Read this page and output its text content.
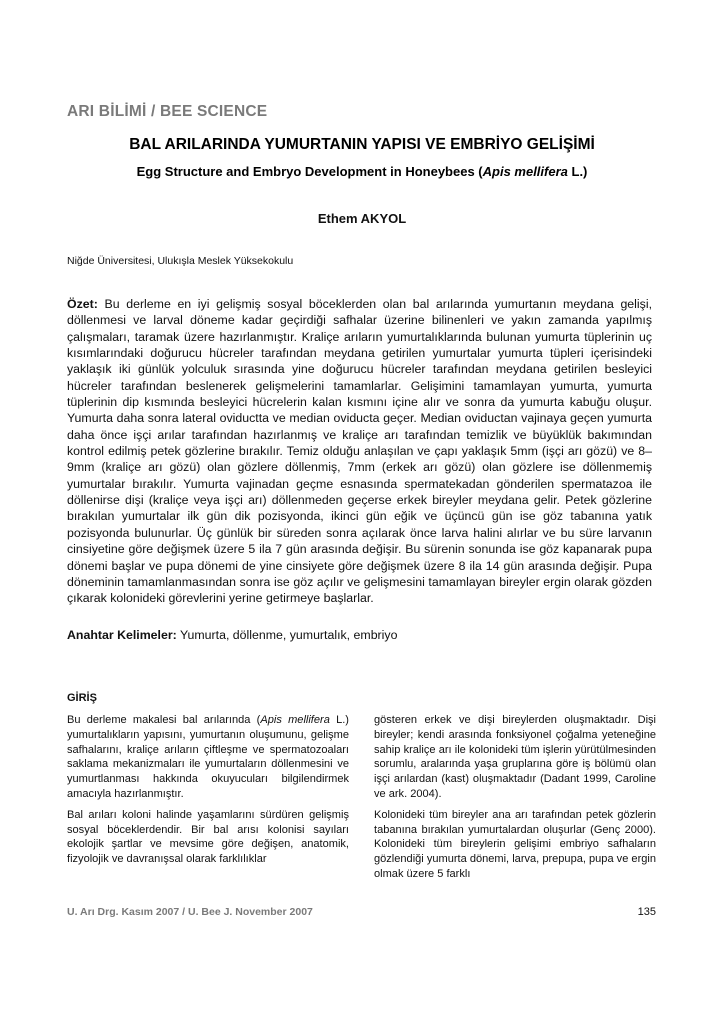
ARI BİLİMİ / BEE SCIENCE
BAL ARILARINDA YUMURTANIN YAPISI VE EMBRİYO GELİŞİMİ
Egg Structure and Embryo Development in Honeybees (Apis mellifera L.)
Ethem AKYOL
Niğde Üniversitesi, Ulukışla Meslek Yüksekokulu

Özet: Bu derleme en iyi gelişmiş sosyal böceklerden olan bal arılarında yumurtanın meydana gelişi, döllenmesi ve larval döneme kadar geçirdiği safhalar üzerine bilinenleri ve yakın zamanda yapılmış çalışmaları, taramak üzere hazırlanmıştır. Kraliçe arıların yumurtalıklarında bulunan yumurta tüplerinin uç kısımlarındaki doğurucu hücreler tarafından meydana getirilen yumurtalar yumurta tüpleri içerisindeki yaklaşık iki günlük yolculuk sırasında yine doğurucu hücreler tarafından meydana getirilen besleyici hücreler tarafından beslenerek gelişmelerini tamamlarlar. Gelişimini tamamlayan yumurta, yumurta tüplerinin dip kısmında besleyici hücrelerin kalan kısmını içine alır ve sonra da yumurta kabuğu oluşur. Yumurta daha sonra lateral oviductta ve median oviducta geçer. Median oviductan vajinaya geçen yumurta daha önce işçi arılar tarafından hazırlanmış ve kraliçe arı tarafından temizlik ve büyüklük bakımından kontrol edilmiş petek gözlerine bırakılır. Temiz olduğu anlaşılan ve çapı yaklaşık 5mm (işçi arı gözü) ve 8–9mm (kraliçe arı gözü) olan gözlere döllenmiş, 7mm (erkek arı gözü) olan gözlere ise döllenmemiş yumurtalar bırakılır. Yumurta vajinadan geçme esnasında spermatekadan gönderilen spermatazoa ile döllenirse dişi (kraliçe veya işçi arı) döllenmeden geçerse erkek bireyler meydana gelir. Petek gözlerine bırakılan yumurtalar ilk gün dik pozisyonda, ikinci gün eğik ve üçüncü gün ise göz tabanına yatık pozisyonda bulunurlar. Üç günlük bir süreden sonra açılarak önce larva halini alırlar ve bu süre larvanın cinsiyetine göre değişmek üzere 5 ila 7 gün arasında değişir. Bu sürenin sonunda ise göz kapanarak pupa dönemi başlar ve pupa dönemi de yine cinsiyete göre değişmek üzere 8 ila 14 gün arasında değişir. Pupa döneminin tamamlanmasından sonra ise göz açılır ve gelişmesini tamamlayan bireyler ergin olarak gözden çıkarak kolonideki görevlerini yerine getirmeye başlarlar.

Anahtar Kelimeler: Yumurta, döllenme, yumurtalık, embriyo

GİRİŞ

Bu derleme makalesi bal arılarında (Apis mellifera L.) yumurtalıkların yapısını, yumurtanın oluşumunu, gelişme safhalarını, kraliçe arıların çiftleşme ve spermatozoaları saklama mekanizmaları ile yumurtaların döllenmesini ve yumurtlanması hakkında okuyucuları bilgilendirmek amacıyla hazırlanmıştır.

Bal arıları koloni halinde yaşamlarını sürdüren gelişmiş sosyal böceklerdendir. Bir bal arısı kolonisi sayıları ekolojik şartlar ve mevsime göre değişen, anatomik, fizyolojik ve davranışsal olarak farklılıklar

gösteren erkek ve dişi bireylerden oluşmaktadır. Dişi bireyler; kendi arasında fonksiyonel çoğalma yeteneğine sahip kraliçe arı ile kolonideki tüm işlerin yürütülmesinden sorumlu, aralarında yaşa gruplarına göre iş bölümü olan işçi arılardan (kast) oluşmaktadır (Dadant 1999, Caroline ve ark. 2004).

Kolonideki tüm bireyler ana arı tarafından petek gözlerin tabanına bırakılan yumurtalardan oluşurlar (Genç 2000). Kolonideki tüm bireylerin gelişimi embriyo safhaların gözlendiği yumurta dönemi, larva, prepupa, pupa ve ergin olmak üzere 5 farklı

U. Arı Drg. Kasım 2007 / U. Bee J. November 2007	135
